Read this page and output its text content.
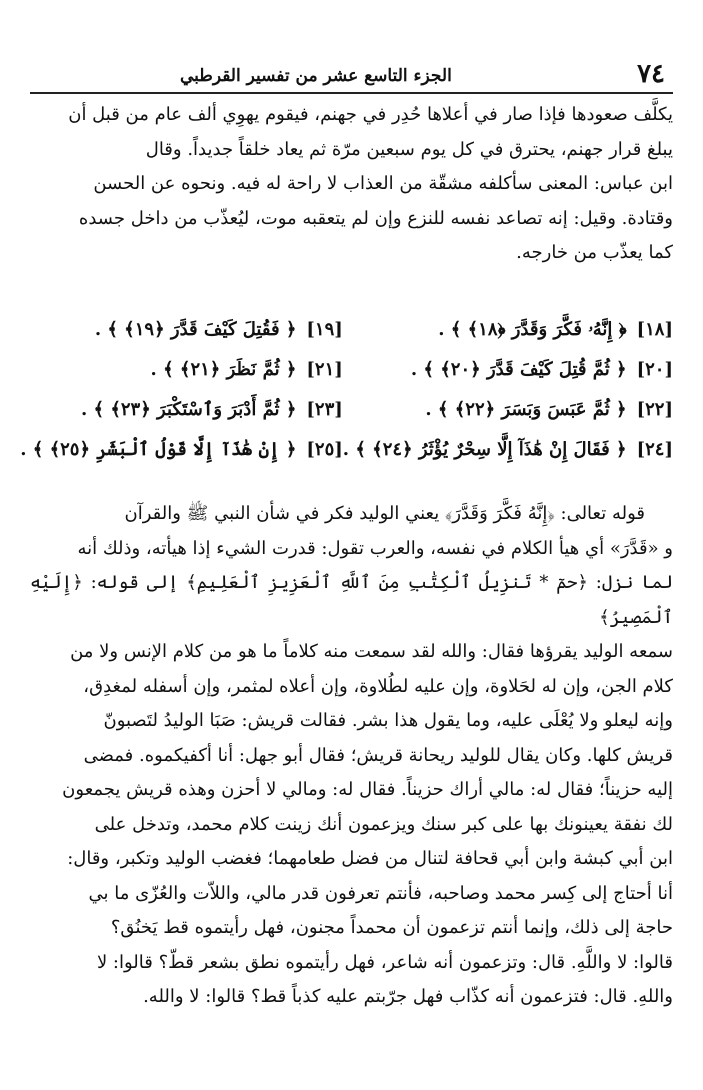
٧٤
الجزء التاسع عشر من تفسير القرطبي
يكلَّف صعودها فإذا صار في أعلاها حُدِر في جهنم، فيقوم يهوِي ألف عام من قبل أن
يبلغ قرار جهنم، يحترق في كل يوم سبعين مرّة ثم يعاد خلقاً جديداً. وقال
ابن عباس: المعنى سأكلفه مشقّة من العذاب لا راحة له فيه. ونحوه عن الحسن
وقتادة. وقيل: إنه تصاعد نفسه للنزع وإن لم يتعقبه موت، ليُعذّب من داخل جسده
كما يعذّب من خارجه.
[١٨]
﴿ إِنَّهُۥ فَكَّرَ وَقَدَّرَ ﴿١٨﴾ ﴾ .
[١٩]
﴿ فَقُتِلَ كَيْفَ قَدَّرَ ﴿١٩﴾ ﴾ .
[٢٠]
﴿ ثُمَّ قُتِلَ كَيْفَ قَدَّرَ ﴿٢٠﴾ ﴾ .
[٢١]
﴿ ثُمَّ نَظَرَ ﴿٢١﴾ ﴾ .
[٢٢]
﴿ ثُمَّ عَبَسَ وَبَسَرَ ﴿٢٢﴾ ﴾ .
[٢٣]
﴿ ثُمَّ أَدْبَرَ وَٱسْتَكْبَرَ ﴿٢٣﴾ ﴾ .
[٢٤]
﴿ فَقَالَ إِنْ هَٰذَآ إِلَّا سِحْرٌ يُؤْثَرُ ﴿٢٤﴾ ﴾ .
[٢٥]
﴿ إِنْ هَٰذَآ إِلَّا قَوْلُ ٱلْبَشَرِ ﴿٢٥﴾ ﴾ .
قوله تعالى: ﴿إِنَّهُ فَكَّرَ وَقَدَّرَ﴾ يعني الوليد فكر في شأن النبي ﷺ والقرآن
و «قَدَّرَ» أي هيأ الكلام في نفسه، والعرب تقول: قدرت الشيء إذا هيأته، وذلك أنه
لما نزل: ﴿حمٓ * تَنزِيلُ ٱلْكِتَٰبِ مِنَ ٱللَّهِ ٱلْعَزِيزِ ٱلْعَلِيمِ﴾ إلى قوله: ﴿إِلَيْهِ ٱلْمَصِيرُ﴾
سمعه الوليد يقرؤها فقال: والله لقد سمعت منه كلاماً ما هو من كلام الإنس ولا من
كلام الجن، وإن له لحَلاوة، وإن عليه لطُلاوة، وإن أعلاه لمثمر، وإن أسفله لمغدِق،
وإنه ليعلو ولا يُعْلَى عليه، وما يقول هذا بشر. فقالت قريش: صَبَا الوليدُ لتَصبونّ
قريش كلها. وكان يقال للوليد ريحانة قريش؛ فقال أبو جهل: أنا أكفيكموه. فمضى
إليه حزيناً؛ فقال له: مالي أراك حزيناً. فقال له: ومالي لا أحزن وهذه قريش يجمعون
لك نفقة يعينونك بها على كبر سنك ويزعمون أنك زينت كلام محمد، وتدخل على
ابن أبي كبشة وابن أبي قحافة لتنال من فضل طعامهما؛ فغضب الوليد وتكبر، وقال:
أنا أحتاج إلى كِسر محمد وصاحبه، فأنتم تعرفون قدر مالي، واللاّت والعُزّى ما بي
حاجة إلى ذلك، وإنما أنتم تزعمون أن محمداً مجنون، فهل رأيتموه قط يَخنُق؟
قالوا: لا واللَّهِ. قال: وتزعمون أنه شاعر، فهل رأيتموه نطق بشعر قطّ؟ قالوا: لا
واللهِ. قال: فتزعمون أنه كذّاب فهل جرّبتم عليه كذباً قط؟ قالوا: لا والله.
